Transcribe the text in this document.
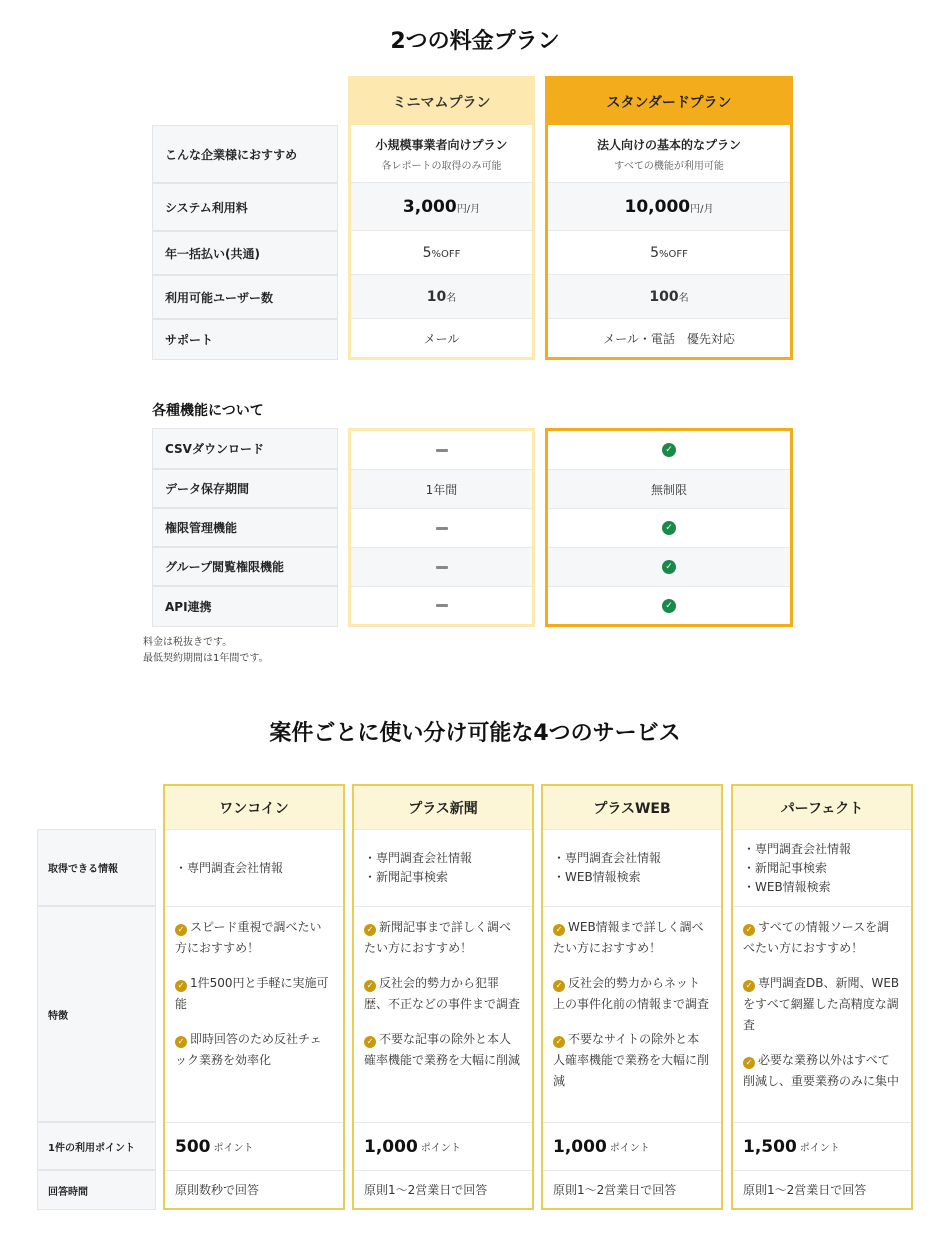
2つの料金プラン
こんな企業様におすすめ
システム利用料
年一括払い(共通)
利用可能ユーザー数
サポート
ミニマムプラン
小規模事業者向けプラン
各レポートの取得のみ可能
3,000円/月
5%OFF
10名
メール
スタンダードプラン
法人向けの基本的なプラン
すべての機能が利用可能
10,000円/月
5%OFF
100名
メール・電話　優先対応
各種機能について
CSVダウンロード
データ保存期間
権限管理機能
グループ閲覧権限機能
API連携
1年間
✓
無制限
✓
✓
✓
料金は税抜きです。
最低契約期間は1年間です。
案件ごとに使い分け可能な4つのサービス
取得できる情報
特徴
1件の利用ポイント
回答時間
ワンコイン
・専門調査会社情報
✓ スピード重視で調べたい方におすすめ！
✓ 1件500円と手軽に実施可能
✓ 即時回答のため反社チェック業務を効率化
500 ポイント
原則数秒で回答
プラス新聞
・専門調査会社情報
・新聞記事検索
✓ 新聞記事まで詳しく調べたい方におすすめ！
✓ 反社会的勢力から犯罪歴、不正などの事件まで調査
✓ 不要な記事の除外と本人確率機能で業務を大幅に削減
1,000 ポイント
原則1～2営業日で回答
プラスWEB
・専門調査会社情報
・WEB情報検索
✓ WEB情報まで詳しく調べたい方におすすめ！
✓ 反社会的勢力からネット上の事件化前の情報まで調査
✓ 不要なサイトの除外と本人確率機能で業務を大幅に削減
1,000 ポイント
原則1～2営業日で回答
パーフェクト
・専門調査会社情報
・新聞記事検索
・WEB情報検索
✓ すべての情報ソースを調べたい方におすすめ！
✓ 専門調査DB、新聞、WEBをすべて網羅した高精度な調査
✓ 必要な業務以外はすべて削減し、重要業務のみに集中
1,500 ポイント
原則1～2営業日で回答
